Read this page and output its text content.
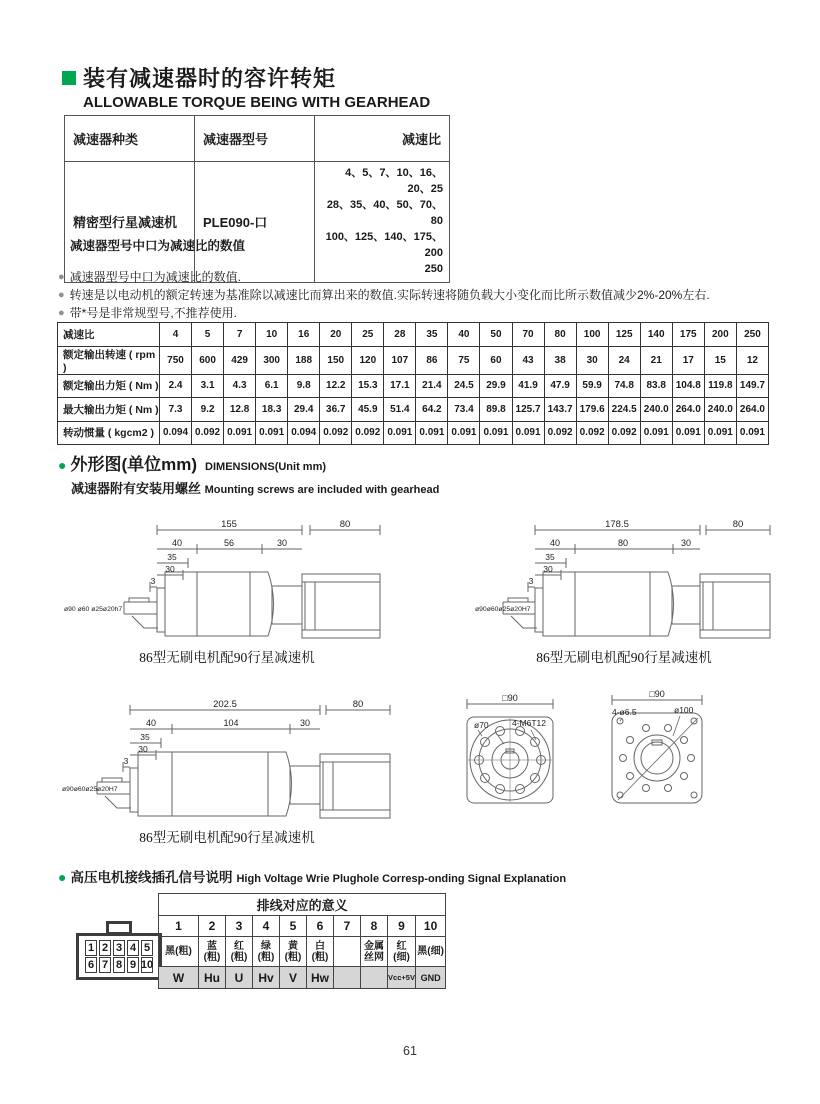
装有减速器时的容许转矩
ALLOWABLE TORQUE BEING WITH GEARHEAD
减速器种类	减速器型号	减速比
精密型行星减速机	PLE090-口	4、5、7、10、16、20、25
28、35、40、50、70、80
100、125、140、175、200
250
减速器型号中口为减速比的数值
● 减速器型号中口为减速比的数值.
● 转速是以电动机的额定转速为基准除以减速比而算出来的数值.实际转速将随负载大小变化而比所示数值减少2%-20%左右.
● 带*号是非常规型号,不推荐使用.
减速比	4	5	7	10	16	20	25	28	35	40	50	70	80	100	125	140	175	200	250
额定输出转速 ( rpm )	750	600	429	300	188	150	120	107	86	75	60	43	38	30	24	21	17	15	12
额定输出力矩 ( Nm )	2.4	3.1	4.3	6.1	9.8	12.2	15.3	17.1	21.4	24.5	29.9	41.9	47.9	59.9	74.8	83.8	104.8	119.8	149.7
最大输出力矩 ( Nm )	7.3	9.2	12.8	18.3	29.4	36.7	45.9	51.4	64.2	73.4	89.8	125.7	143.7	179.6	224.5	240.0	264.0	240.0	264.0
转动惯量 ( kgcm2 )	0.094	0.092	0.091	0.091	0.094	0.092	0.092	0.091	0.091	0.091	0.091	0.091	0.092	0.092	0.092	0.091	0.091	0.091	0.091
● 外形图(单位mm) DIMENSIONS(Unit mm)
减速器附有安装用螺丝 Mounting screws are included with gearhead
155	80
40	56	30
35
30
3
ø90 ø60 ø25ø20h7
86型无刷电机配90行星减速机
178.5	80
40	80	30
35
30
3
ø90ø60ø25ø20H7
86型无刷电机配90行星减速机
202.5	80
40	104	30
35
30
3
ø90ø60ø25ø20H7
86型无刷电机配90行星减速机
□90
ø70	4-M6T12
□90
4-ø6.5	ø100
● 高压电机接线插孔信号说明 High Voltage Wrie Plughole Corresp-onding Signal Explanation
1 2 3 4 5
6 7 8 9 10
排线对应的意义									
1	2	3	4	5	6	7	8	9	10
黑(粗)	蓝(粗)	红(粗)	绿(粗)	黄(粗)	白(粗)		金属丝网	红(细)	黑(细)
W	Hu	U	Hv	V	Hw			Vcc+5V	GND
61
